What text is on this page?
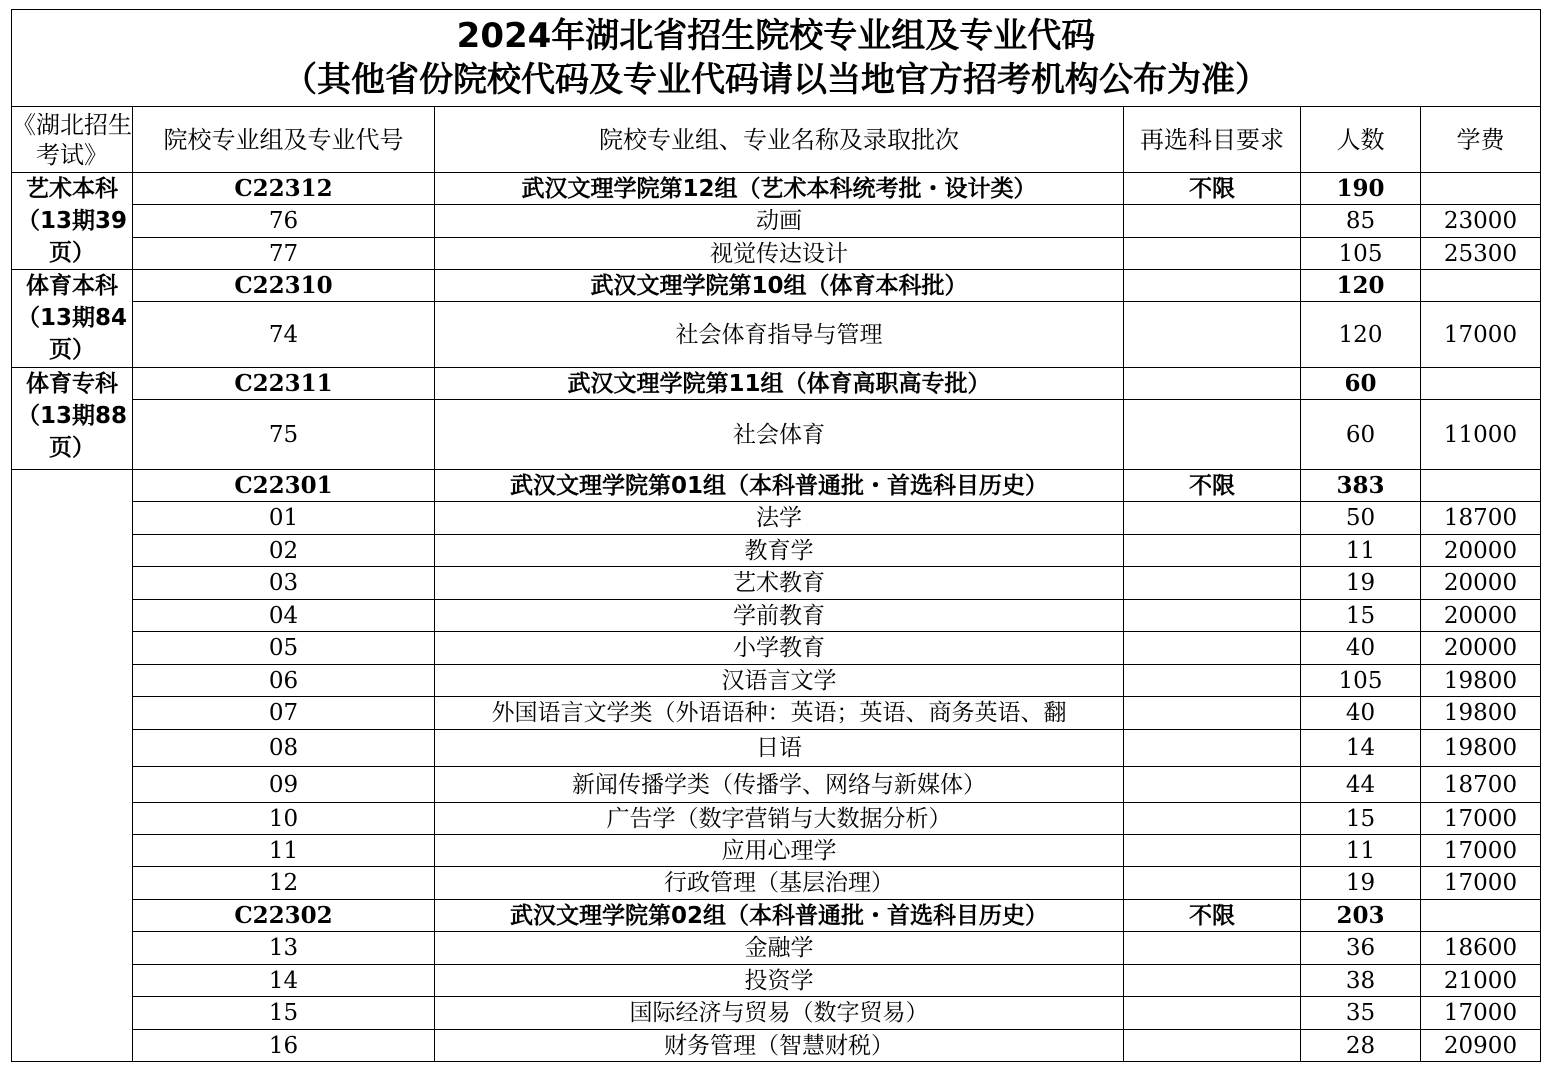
2024年湖北省招生院校专业组及专业代码
（其他省份院校代码及专业代码请以当地官方招考机构公布为准）					

《湖北招生考试》	院校专业组及专业代号	院校专业组、专业名称及录取批次	再选科目要求	人数	学费
艺术本科（13期39页）	C22312	武汉文理学院第12组（艺术本科统考批・设计类）	不限	190	
	76	动画		85	23000
	77	视觉传达设计		105	25300
体育本科（13期84页）	C22310	武汉文理学院第10组（体育本科批）		120	
	74	社会体育指导与管理		120	17000
体育专科（13期88页）	C22311	武汉文理学院第11组（体育高职高专批）		60	
	75	社会体育		60	11000
	C22301	武汉文理学院第01组（本科普通批・首选科目历史）	不限	383	
	01	法学		50	18700
	02	教育学		11	20000
	03	艺术教育		19	20000
	04	学前教育		15	20000
	05	小学教育		40	20000
	06	汉语言文学		105	19800
	07	外国语言文学类（外语语种：英语；英语、商务英语、翻		40	19800
	08	日语		14	19800
	09	新闻传播学类（传播学、网络与新媒体）		44	18700
	10	广告学（数字营销与大数据分析）		15	17000
	11	应用心理学		11	17000
	12	行政管理（基层治理）		19	17000
	C22302	武汉文理学院第02组（本科普通批・首选科目历史）	不限	203	
	13	金融学		36	18600
	14	投资学		38	21000
	15	国际经济与贸易（数字贸易）		35	17000
	16	财务管理（智慧财税）		28	20900
